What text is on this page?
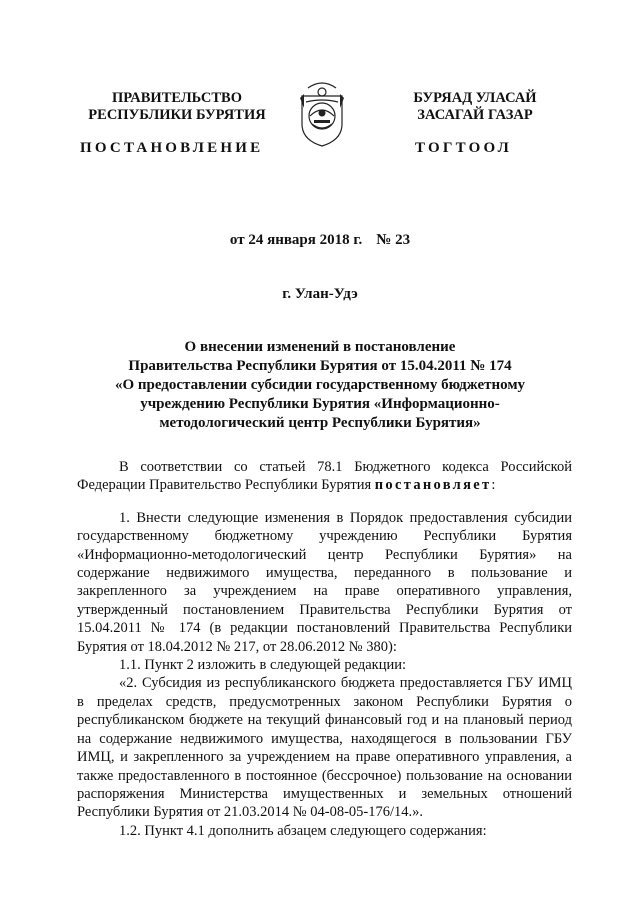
ПРАВИТЕЛЬСТВО
РЕСПУБЛИКИ БУРЯТИЯ
БУРЯАД УЛАСАЙ
ЗАСАГАЙ ГАЗАР
ПОСТАНОВЛЕНИЕ	ТОГТООЛ
от 24 января 2018 г. № 23
г. Улан-Удэ
О внесении изменений в постановление
Правительства Республики Бурятия от 15.04.2011 № 174
«О предоставлении субсидии государственному бюджетному
учреждению Республики Бурятия «Информационно-
методологический центр Республики Бурятия»

В соответствии со статьей 78.1 Бюджетного кодекса Российской Федерации Правительство Республики Бурятия постановляет:

1. Внести следующие изменения в Порядок предоставления субсидии государственному бюджетному учреждению Республики Бурятия «Информационно-методологический центр Республики Бурятия» на содержание недвижимого имущества, переданного в пользование и закрепленного за учреждением на праве оперативного управления, утвержденный постановлением Правительства Республики Бурятия от 15.04.2011 № 174 (в редакции постановлений Правительства Республики Бурятия от 18.04.2012 № 217, от 28.06.2012 № 380):

1.1. Пункт 2 изложить в следующей редакции:

«2. Субсидия из республиканского бюджета предоставляется ГБУ ИМЦ в пределах средств, предусмотренных законом Республики Бурятия о республиканском бюджете на текущий финансовый год и на плановый период на содержание недвижимого имущества, находящегося в пользовании ГБУ ИМЦ, и закрепленного за учреждением на праве оперативного управления, а также предоставленного в постоянное (бессрочное) пользование на основании распоряжения Министерства имущественных и земельных отношений Республики Бурятия от 21.03.2014 № 04-08-05-176/14.».

1.2. Пункт 4.1 дополнить абзацем следующего содержания:
